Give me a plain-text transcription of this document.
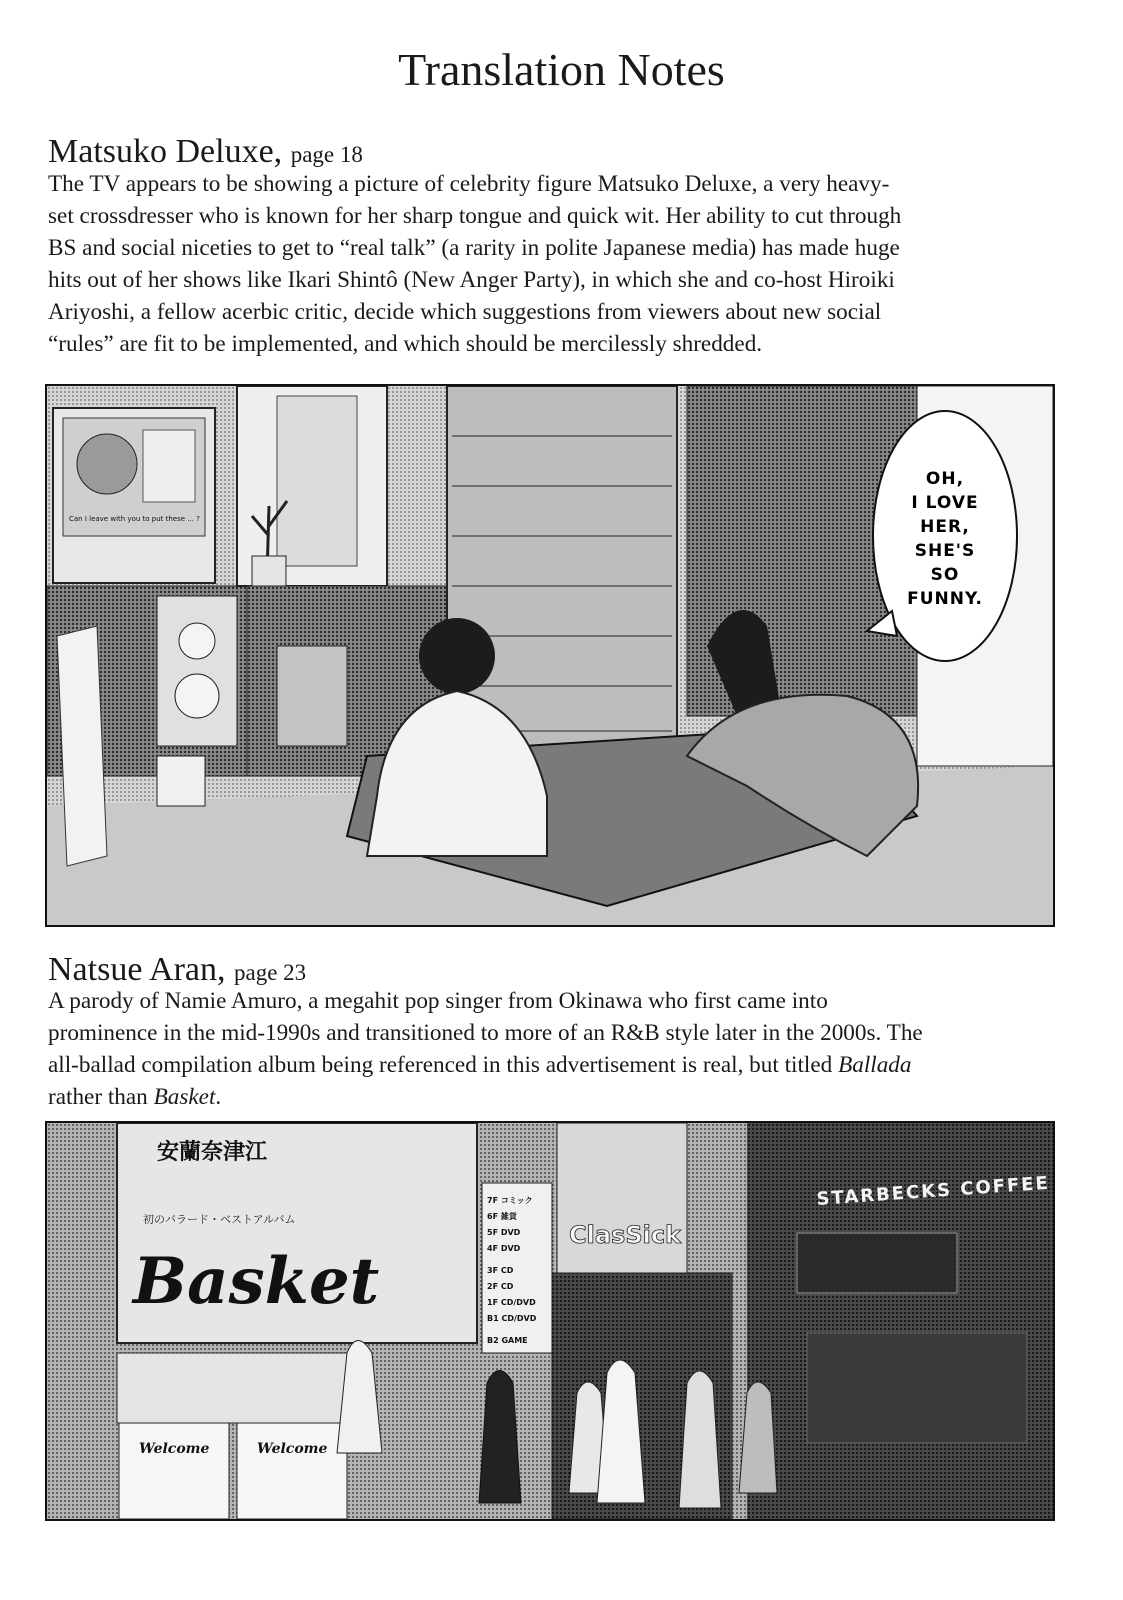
Translation Notes
Matsuko Deluxe, page 18

The TV appears to be showing a picture of celebrity figure Matsuko Deluxe, a very heavy-

set crossdresser who is known for her sharp tongue and quick wit. Her ability to cut through

BS and social niceties to get to “real talk” (a rarity in polite Japanese media) has made huge

hits out of her shows like Ikari Shintô (New Anger Party), in which she and co-host Hiroiki

Ariyoshi, a fellow acerbic critic, decide which suggestions from viewers about new social

“rules” are fit to be implemented, and which should be mercilessly shredded.

Can I leave with you to put these ... ?
OH,
I LOVE
HER,
SHE'S
SO
FUNNY.
Natsue Aran, page 23

A parody of Namie Amuro, a megahit pop singer from Okinawa who first came into

prominence in the mid-1990s and transitioned to more of an R&B style later in the 2000s. The

all-ballad compilation album being referenced in this advertisement is real, but titled Ballada

rather than Basket.

安蘭奈津江
初のバラード・ベストアルバム
Basket
7F コミック
6F 雑貨
5F DVD
4F DVD
3F CD
2F CD
1F CD/DVD
B1 CD/DVD
B2 GAME
ClasSick
STARBECKS COFFEE
Welcome	Welcome
